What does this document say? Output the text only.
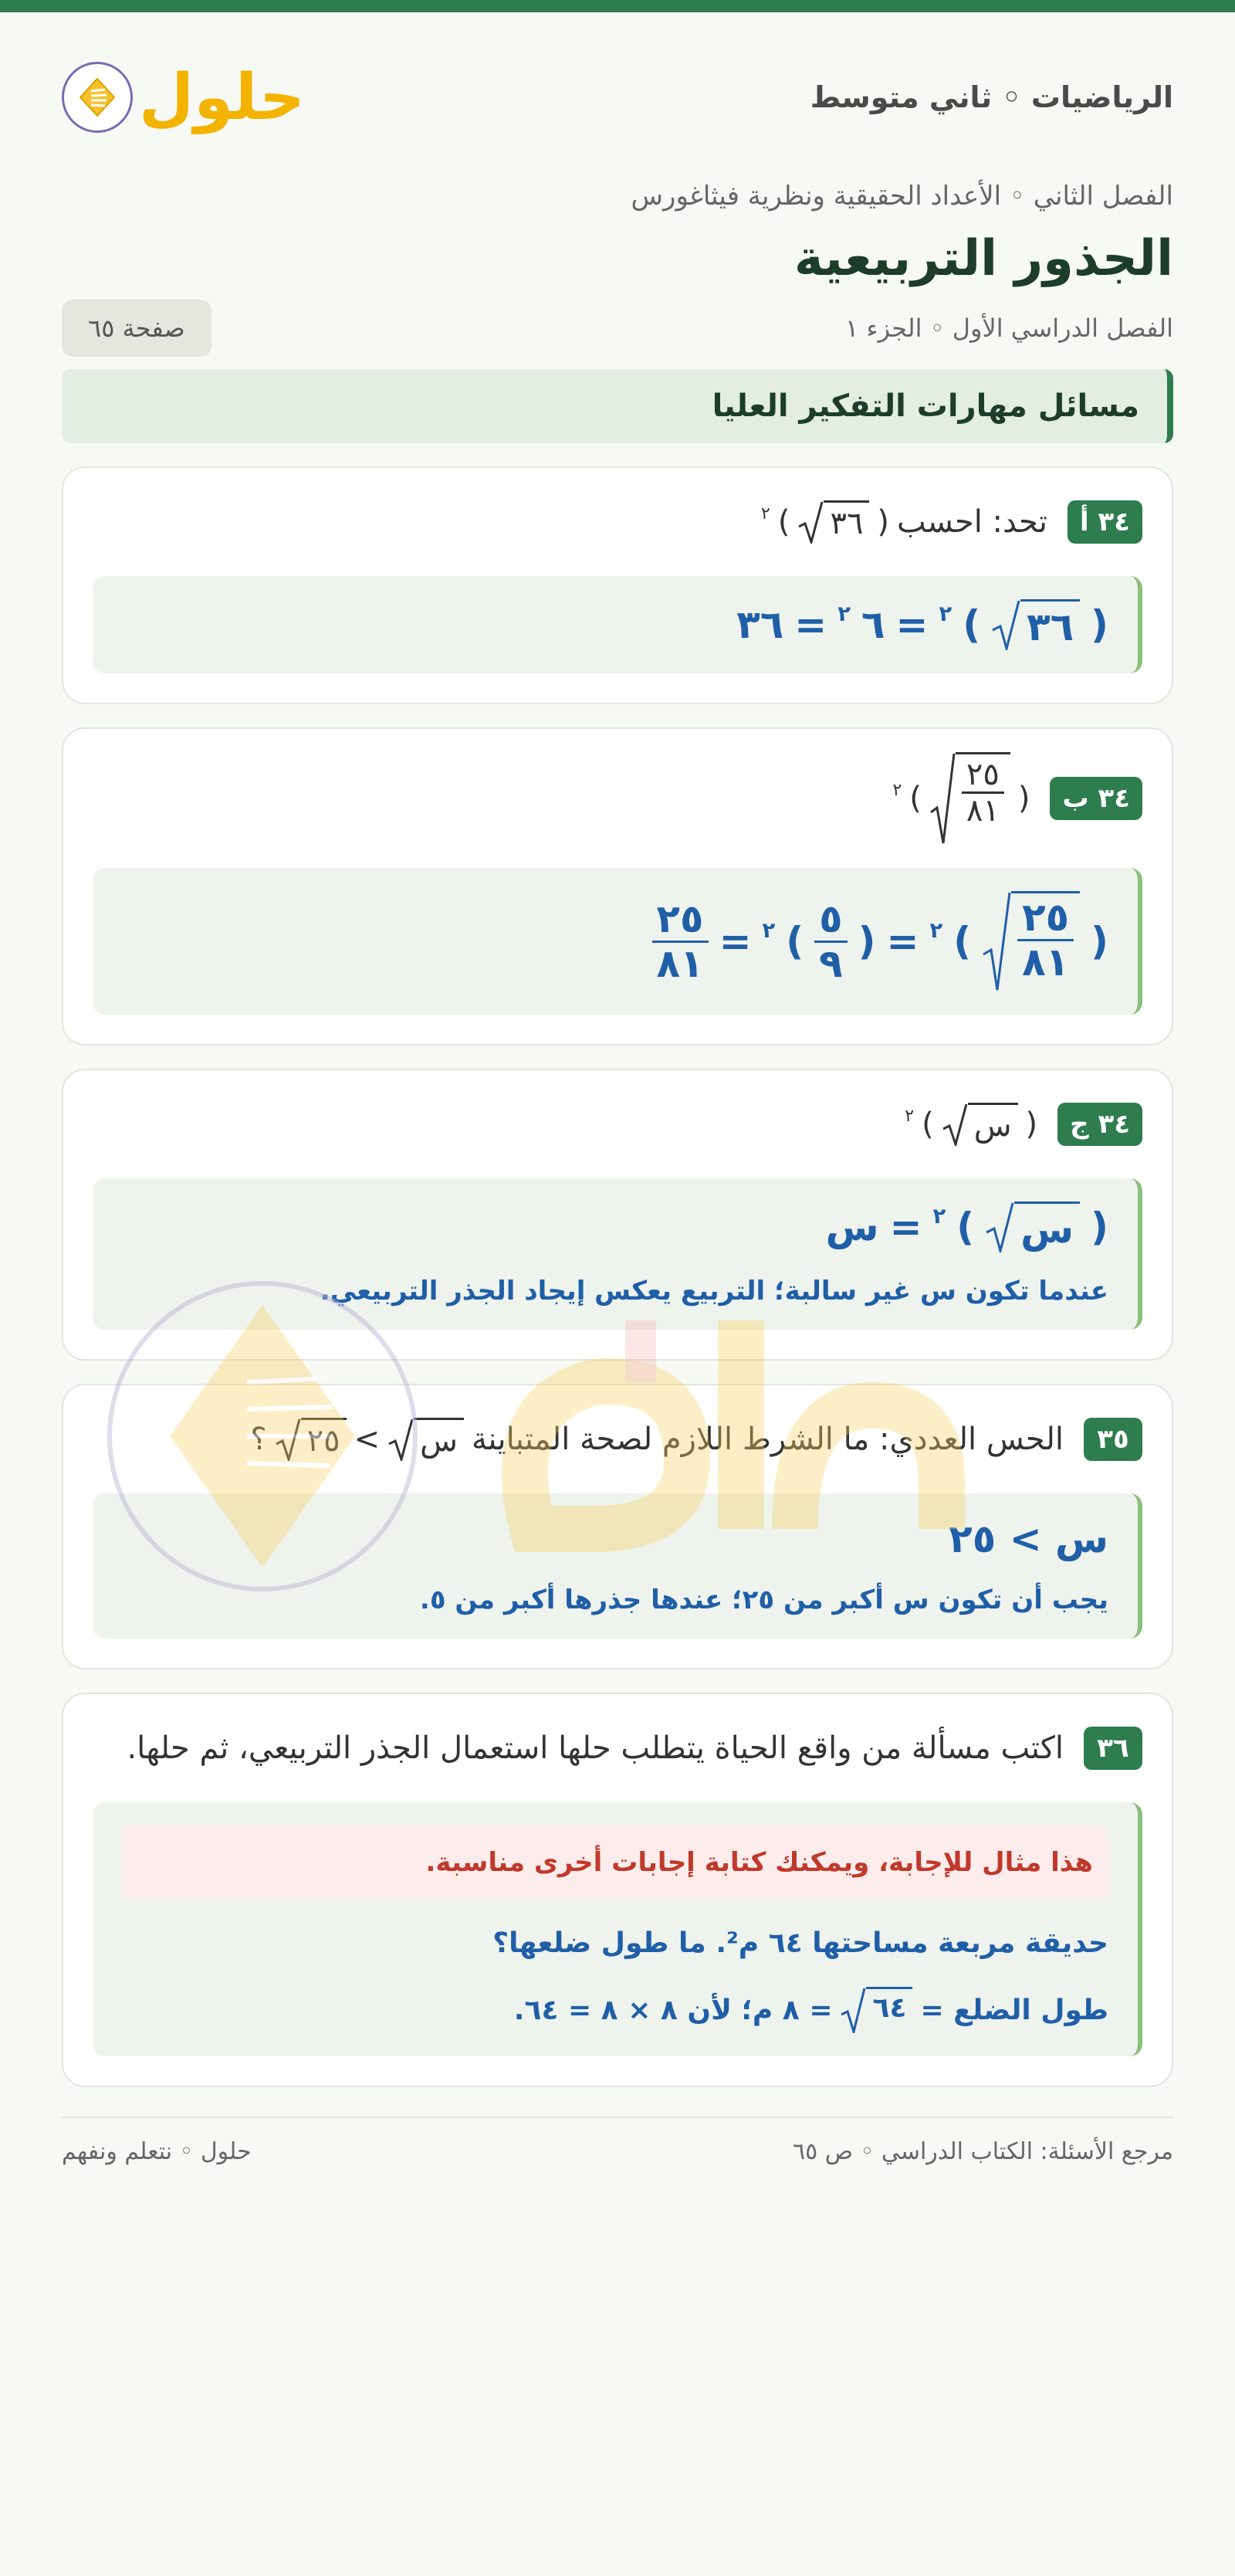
الرياضيات ◦ ثاني متوسط
حلول
الفصل الثاني ◦ الأعداد الحقيقية ونظرية فيثاغورس
الجذور التربيعية
الفصل الدراسي الأول ◦ الجزء ١
صفحة ٦٥
مسائل مهارات التفكير العليا
٣٤ أ
تحد: احسب
(
٣٦
)
٢
(
٣٦
)
٢
=
٦
٢
=
٣٦
٣٤ ب
(
$\frac{٢٥}{٨١}$
)
٢
(
$\frac{٢٥}{٨١}$
)
٢
=
(
$\frac{٥}{٩}$
)
٢
=
$\frac{٢٥}{٨١}$
٣٤ ج
(
س
)
٢
(
س
)
٢
=
س
عندما تكون س غير سالبة؛ التربيع يعكس إيجاد الجذر التربيعي.
٣٥
الحس العددي: ما الشرط اللازم لصحة المتباينة
س
>
٢٥
؟
س > ٢٥
يجب أن تكون س أكبر من ٢٥؛ عندها جذرها أكبر من ٥.
٣٦
اكتب مسألة من واقع الحياة يتطلب حلها استعمال الجذر التربيعي، ثم حلها.
هذا مثال للإجابة، ويمكنك كتابة إجابات أخرى مناسبة.
حديقة مربعة مساحتها ٦٤ م². ما طول ضلعها؟
طول الضلع =
٦٤
= ٨ م؛ لأن ٨ × ٨ = ٦٤.
مرجع الأسئلة: الكتاب الدراسي ◦ ص ٦٥
حلول ◦ نتعلم ونفهم
